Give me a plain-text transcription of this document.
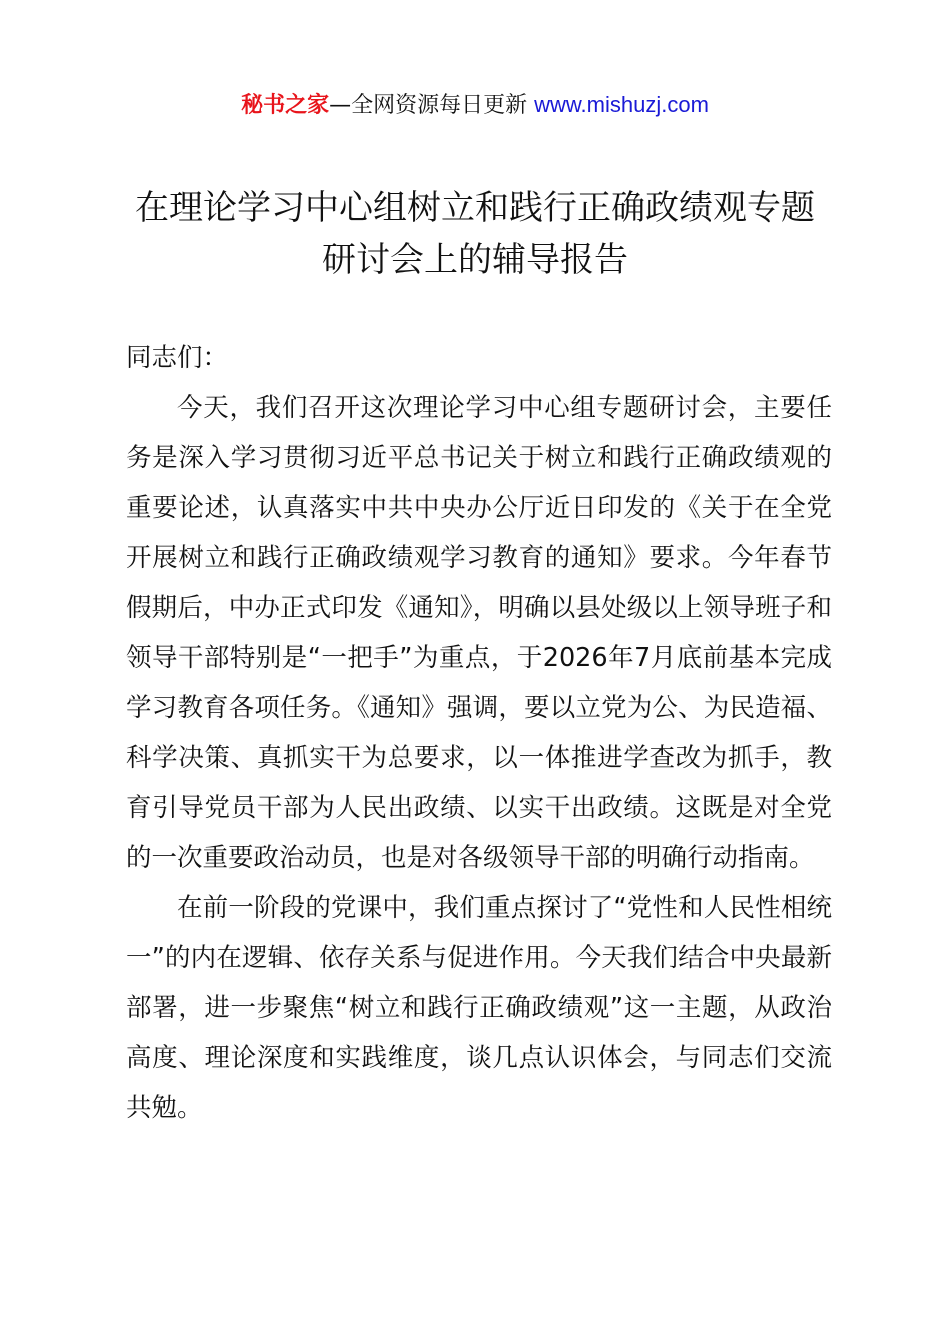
秘书之家—全网资源每日更新 www.mishuzj.com
在理论学习中心组树立和践行正确政绩观专题
研讨会上的辅导报告

同志们：

今天，我们召开这次理论学习中心组专题研讨会，主要任务是深入学习贯彻习近平总书记关于树立和践行正确政绩观的重要论述，认真落实中共中央办公厅近日印发的《关于在全党开展树立和践行正确政绩观学习教育的通知》要求。今年春节假期后，中办正式印发《通知》，明确以县处级以上领导班子和领导干部特别是“一把手”为重点，于2026年7月底前基本完成学习教育各项任务。《通知》强调，要以立党为公、为民造福、科学决策、真抓实干为总要求，以一体推进学查改为抓手，教育引导党员干部为人民出政绩、以实干出政绩。这既是对全党的一次重要政治动员，也是对各级领导干部的明确行动指南。

在前一阶段的党课中，我们重点探讨了“党性和人民性相统一”的内在逻辑、依存关系与促进作用。今天我们结合中央最新部署，进一步聚焦“树立和践行正确政绩观”这一主题，从政治高度、理论深度和实践维度，谈几点认识体会，与同志们交流共勉。
